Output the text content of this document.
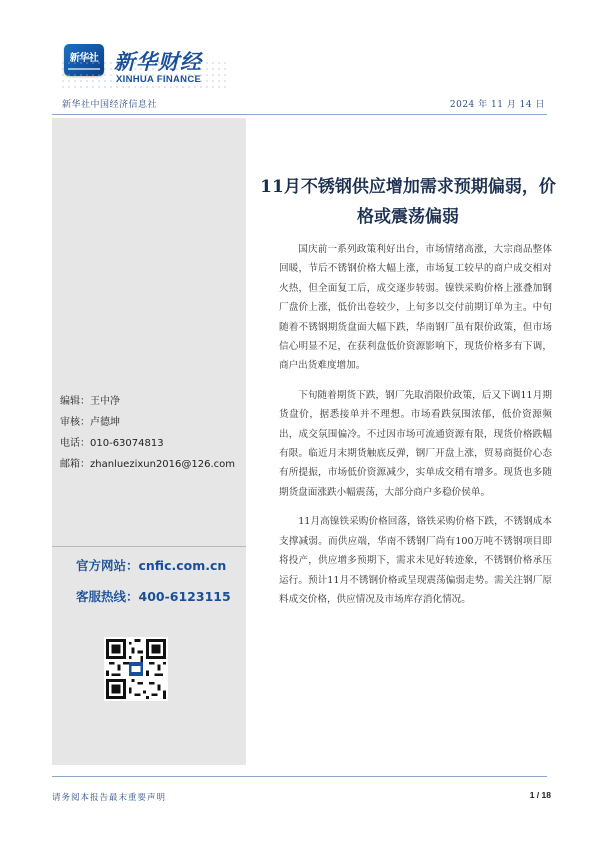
新华社 新华财经
XINHUA FINANCE
新华社中国经济信息社	2024 年 11 月 14 日
编辑：王中净
审核：卢德坤
电话：010-63074813
邮箱：zhanluezixun2016@126.com
官方网站：cnfic.com.cn
客服热线：400-6123115
11月不锈钢供应增加需求预期偏弱，价
格或震荡偏弱

国庆前一系列政策利好出台，市场情绪高涨，大宗商品整体回暖，节后不锈钢价格大幅上涨，市场复工较早的商户成交相对火热，但全面复工后，成交逐步转弱。镍铁采购价格上涨叠加钢厂盘价上涨，低价出卷较少，上旬多以交付前期订单为主。中旬随着不锈钢期货盘面大幅下跌，华南钢厂虽有限价政策，但市场信心明显不足，在获利盘低价资源影响下，现货价格多有下调，商户出货难度增加。

下旬随着期货下跌，钢厂先取消限价政策，后又下调11月期货盘价，据悉接单并不理想。市场看跌氛围浓郁，低价资源频出，成交氛围偏冷。不过因市场可流通资源有限，现货价格跌幅有限。临近月末期货触底反弹，钢厂开盘上涨，贸易商挺价心态有所提振，市场低价资源减少，实单成交稍有增多。现货也多随期货盘面涨跌小幅震荡，大部分商户多稳价侯单。

11月高镍铁采购价格回落，铬铁采购价格下跌，不锈钢成本支撑减弱。而供应端，华南不锈钢厂尚有100万吨不锈钢项目即将投产，供应增多预期下，需求未见好转迹象，不锈钢价格承压运行。预计11月不锈钢价格或呈现震荡偏弱走势。需关注钢厂原料成交价格，供应情况及市场库存消化情况。

请务阅本报告最末重要声明	1 / 18
